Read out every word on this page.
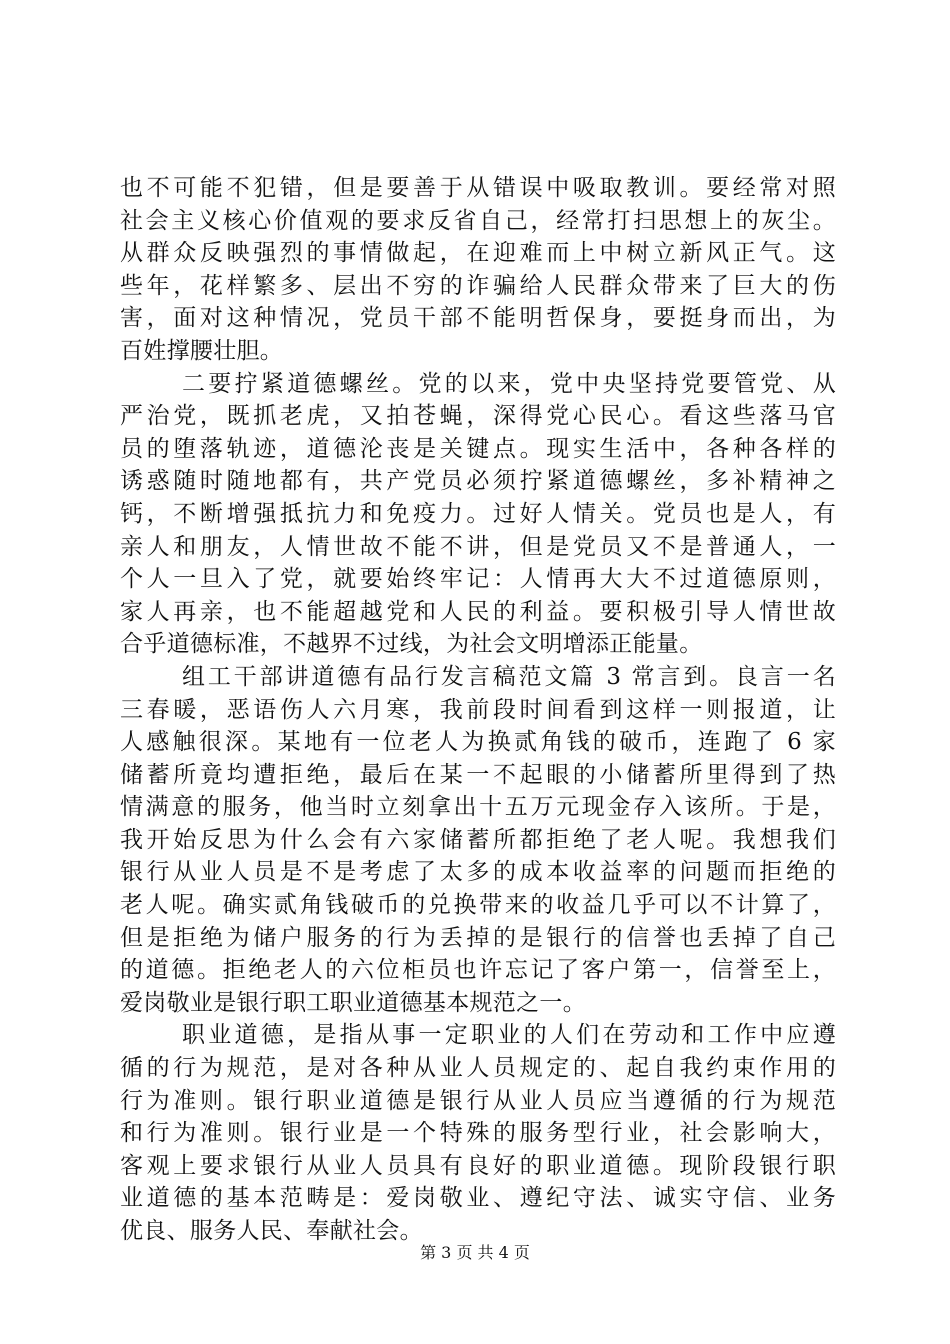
也不可能不犯错，但是要善于从错误中吸取教训。要经常对照
社会主义核心价值观的要求反省自己，经常打扫思想上的灰尘。
从群众反映强烈的事情做起，在迎难而上中树立新风正气。这
些年，花样繁多、层出不穷的诈骗给人民群众带来了巨大的伤
害，面对这种情况，党员干部不能明哲保身，要挺身而出，为
百姓撑腰壮胆。
二要拧紧道德螺丝。党的以来，党中央坚持党要管党、从
严治党，既抓老虎，又拍苍蝇，深得党心民心。看这些落马官
员的堕落轨迹，道德沦丧是关键点。现实生活中，各种各样的
诱惑随时随地都有，共产党员必须拧紧道德螺丝，多补精神之
钙，不断增强抵抗力和免疫力。过好人情关。党员也是人，有
亲人和朋友，人情世故不能不讲，但是党员又不是普通人，一
个人一旦入了党，就要始终牢记：人情再大大不过道德原则，
家人再亲，也不能超越党和人民的利益。要积极引导人情世故
合乎道德标准，不越界不过线，为社会文明增添正能量。
组工干部讲道德有品行发言稿范文篇 3 常言到。良言一名
三春暖，恶语伤人六月寒，我前段时间看到这样一则报道，让
人感触很深。某地有一位老人为换贰角钱的破币，连跑了 6 家
储蓄所竟均遭拒绝，最后在某一不起眼的小储蓄所里得到了热
情满意的服务，他当时立刻拿出十五万元现金存入该所。于是，
我开始反思为什么会有六家储蓄所都拒绝了老人呢。我想我们
银行从业人员是不是考虑了太多的成本收益率的问题而拒绝的
老人呢。确实贰角钱破币的兑换带来的收益几乎可以不计算了，
但是拒绝为储户服务的行为丢掉的是银行的信誉也丢掉了自己
的道德。拒绝老人的六位柜员也许忘记了客户第一，信誉至上，
爱岗敬业是银行职工职业道德基本规范之一。
职业道德，是指从事一定职业的人们在劳动和工作中应遵
循的行为规范，是对各种从业人员规定的、起自我约束作用的
行为准则。银行职业道德是银行从业人员应当遵循的行为规范
和行为准则。银行业是一个特殊的服务型行业，社会影响大，
客观上要求银行从业人员具有良好的职业道德。现阶段银行职
业道德的基本范畴是：爱岗敬业、遵纪守法、诚实守信、业务
优良、服务人民、奉献社会。
第 3 页 共 4 页
